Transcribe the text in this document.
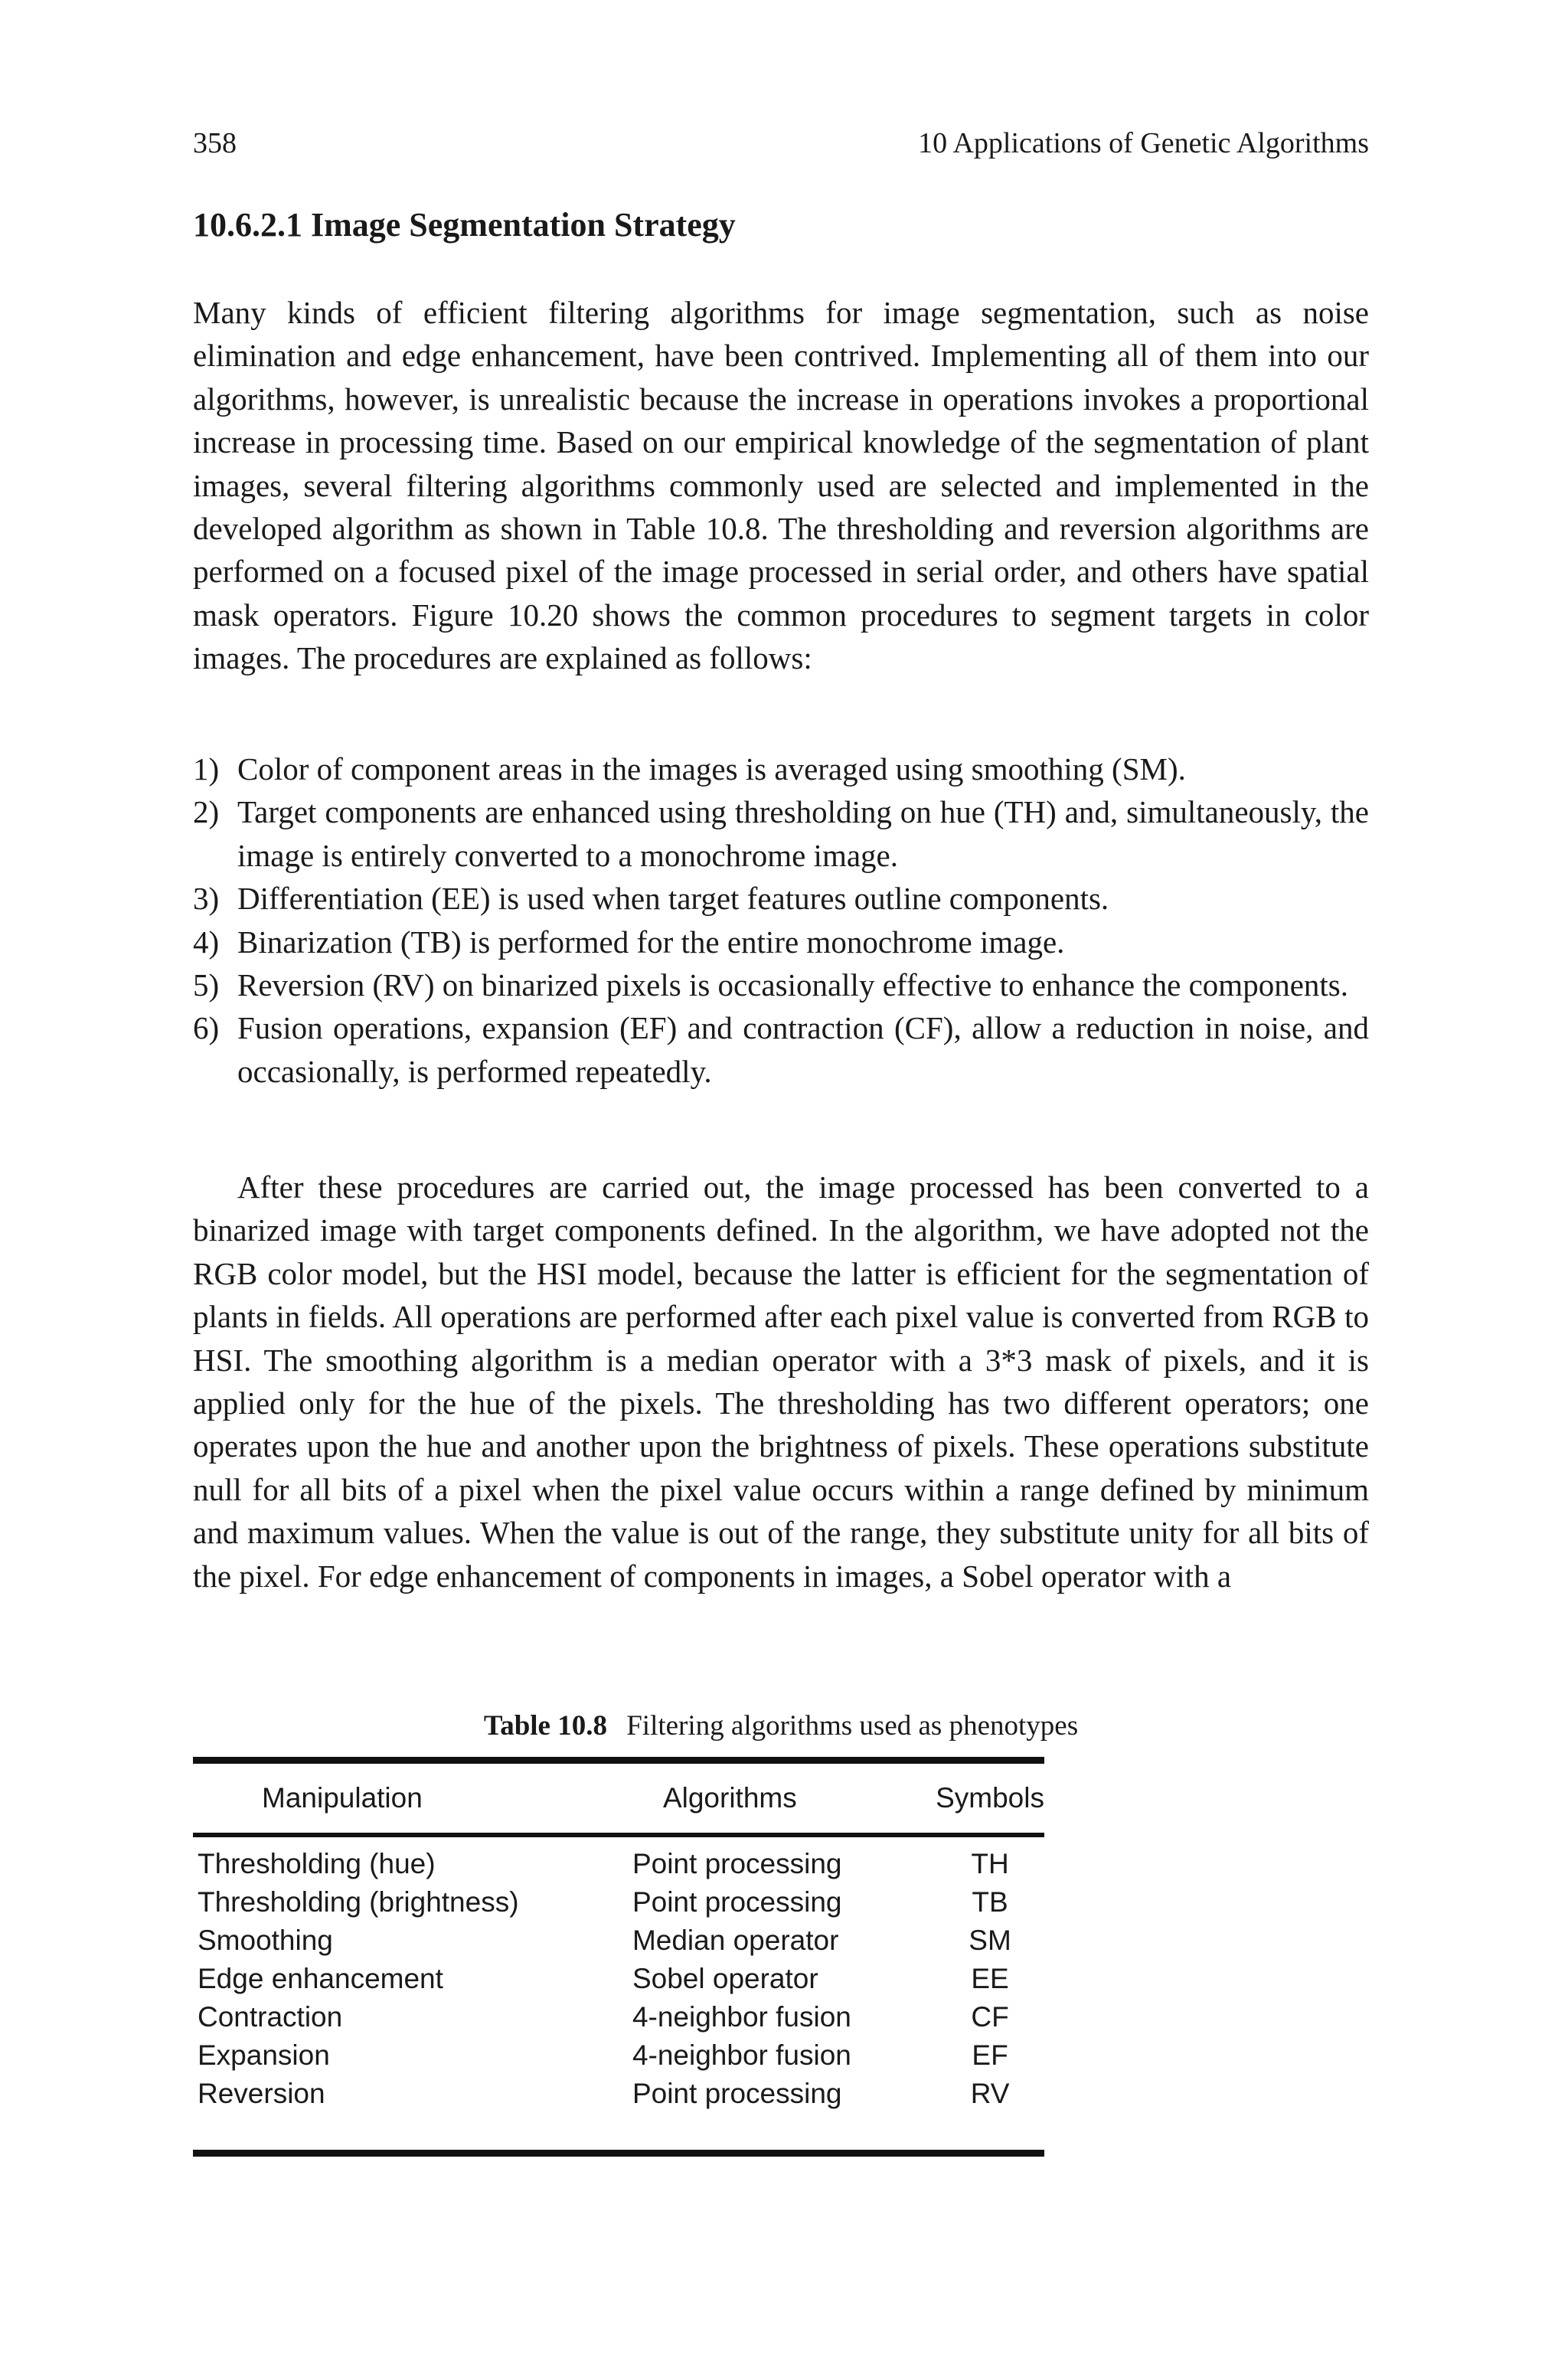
358	10 Applications of Genetic Algorithms
10.6.2.1 Image Segmentation Strategy

Many kinds of efficient filtering algorithms for image segmentation, such as noise elimination and edge enhancement, have been contrived. Implementing all of them into our algorithms, however, is unrealistic because the increase in operations invokes a proportional increase in processing time. Based on our empirical knowledge of the segmentation of plant images, several filtering algorithms commonly used are selected and implemented in the developed algorithm as shown in Table 10.8. The thresholding and reversion algorithms are performed on a focused pixel of the image processed in serial order, and others have spatial mask operators. Figure 10.20 shows the common procedures to segment targets in color images. The procedures are explained as follows:

1) Color of component areas in the images is averaged using smoothing (SM).
2) Target components are enhanced using thresholding on hue (TH) and, simultaneously, the image is entirely converted to a monochrome image.
3) Differentiation (EE) is used when target features outline components.
4) Binarization (TB) is performed for the entire monochrome image.
5) Reversion (RV) on binarized pixels is occasionally effective to enhance the components.
6) Fusion operations, expansion (EF) and contraction (CF), allow a reduction in noise, and occasionally, is performed repeatedly.

After these procedures are carried out, the image processed has been converted to a binarized image with target components defined. In the algorithm, we have adopted not the RGB color model, but the HSI model, because the latter is efficient for the segmentation of plants in fields. All operations are performed after each pixel value is converted from RGB to HSI. The smoothing algorithm is a median operator with a 3*3 mask of pixels, and it is applied only for the hue of the pixels. The thresholding has two different operators; one operates upon the hue and another upon the brightness of pixels. These operations substitute null for all bits of a pixel when the pixel value occurs within a range defined by minimum and maximum values. When the value is out of the range, they substitute unity for all bits of the pixel. For edge enhancement of components in images, a Sobel operator with a

Table 10.8 Filtering algorithms used as phenotypes
Manipulation	Algorithms	Symbols
Thresholding (hue)	Point processing	TH
Thresholding (brightness)	Point processing	TB
Smoothing	Median operator	SM
Edge enhancement	Sobel operator	EE
Contraction	4-neighbor fusion	CF
Expansion	4-neighbor fusion	EF
Reversion	Point processing	RV
